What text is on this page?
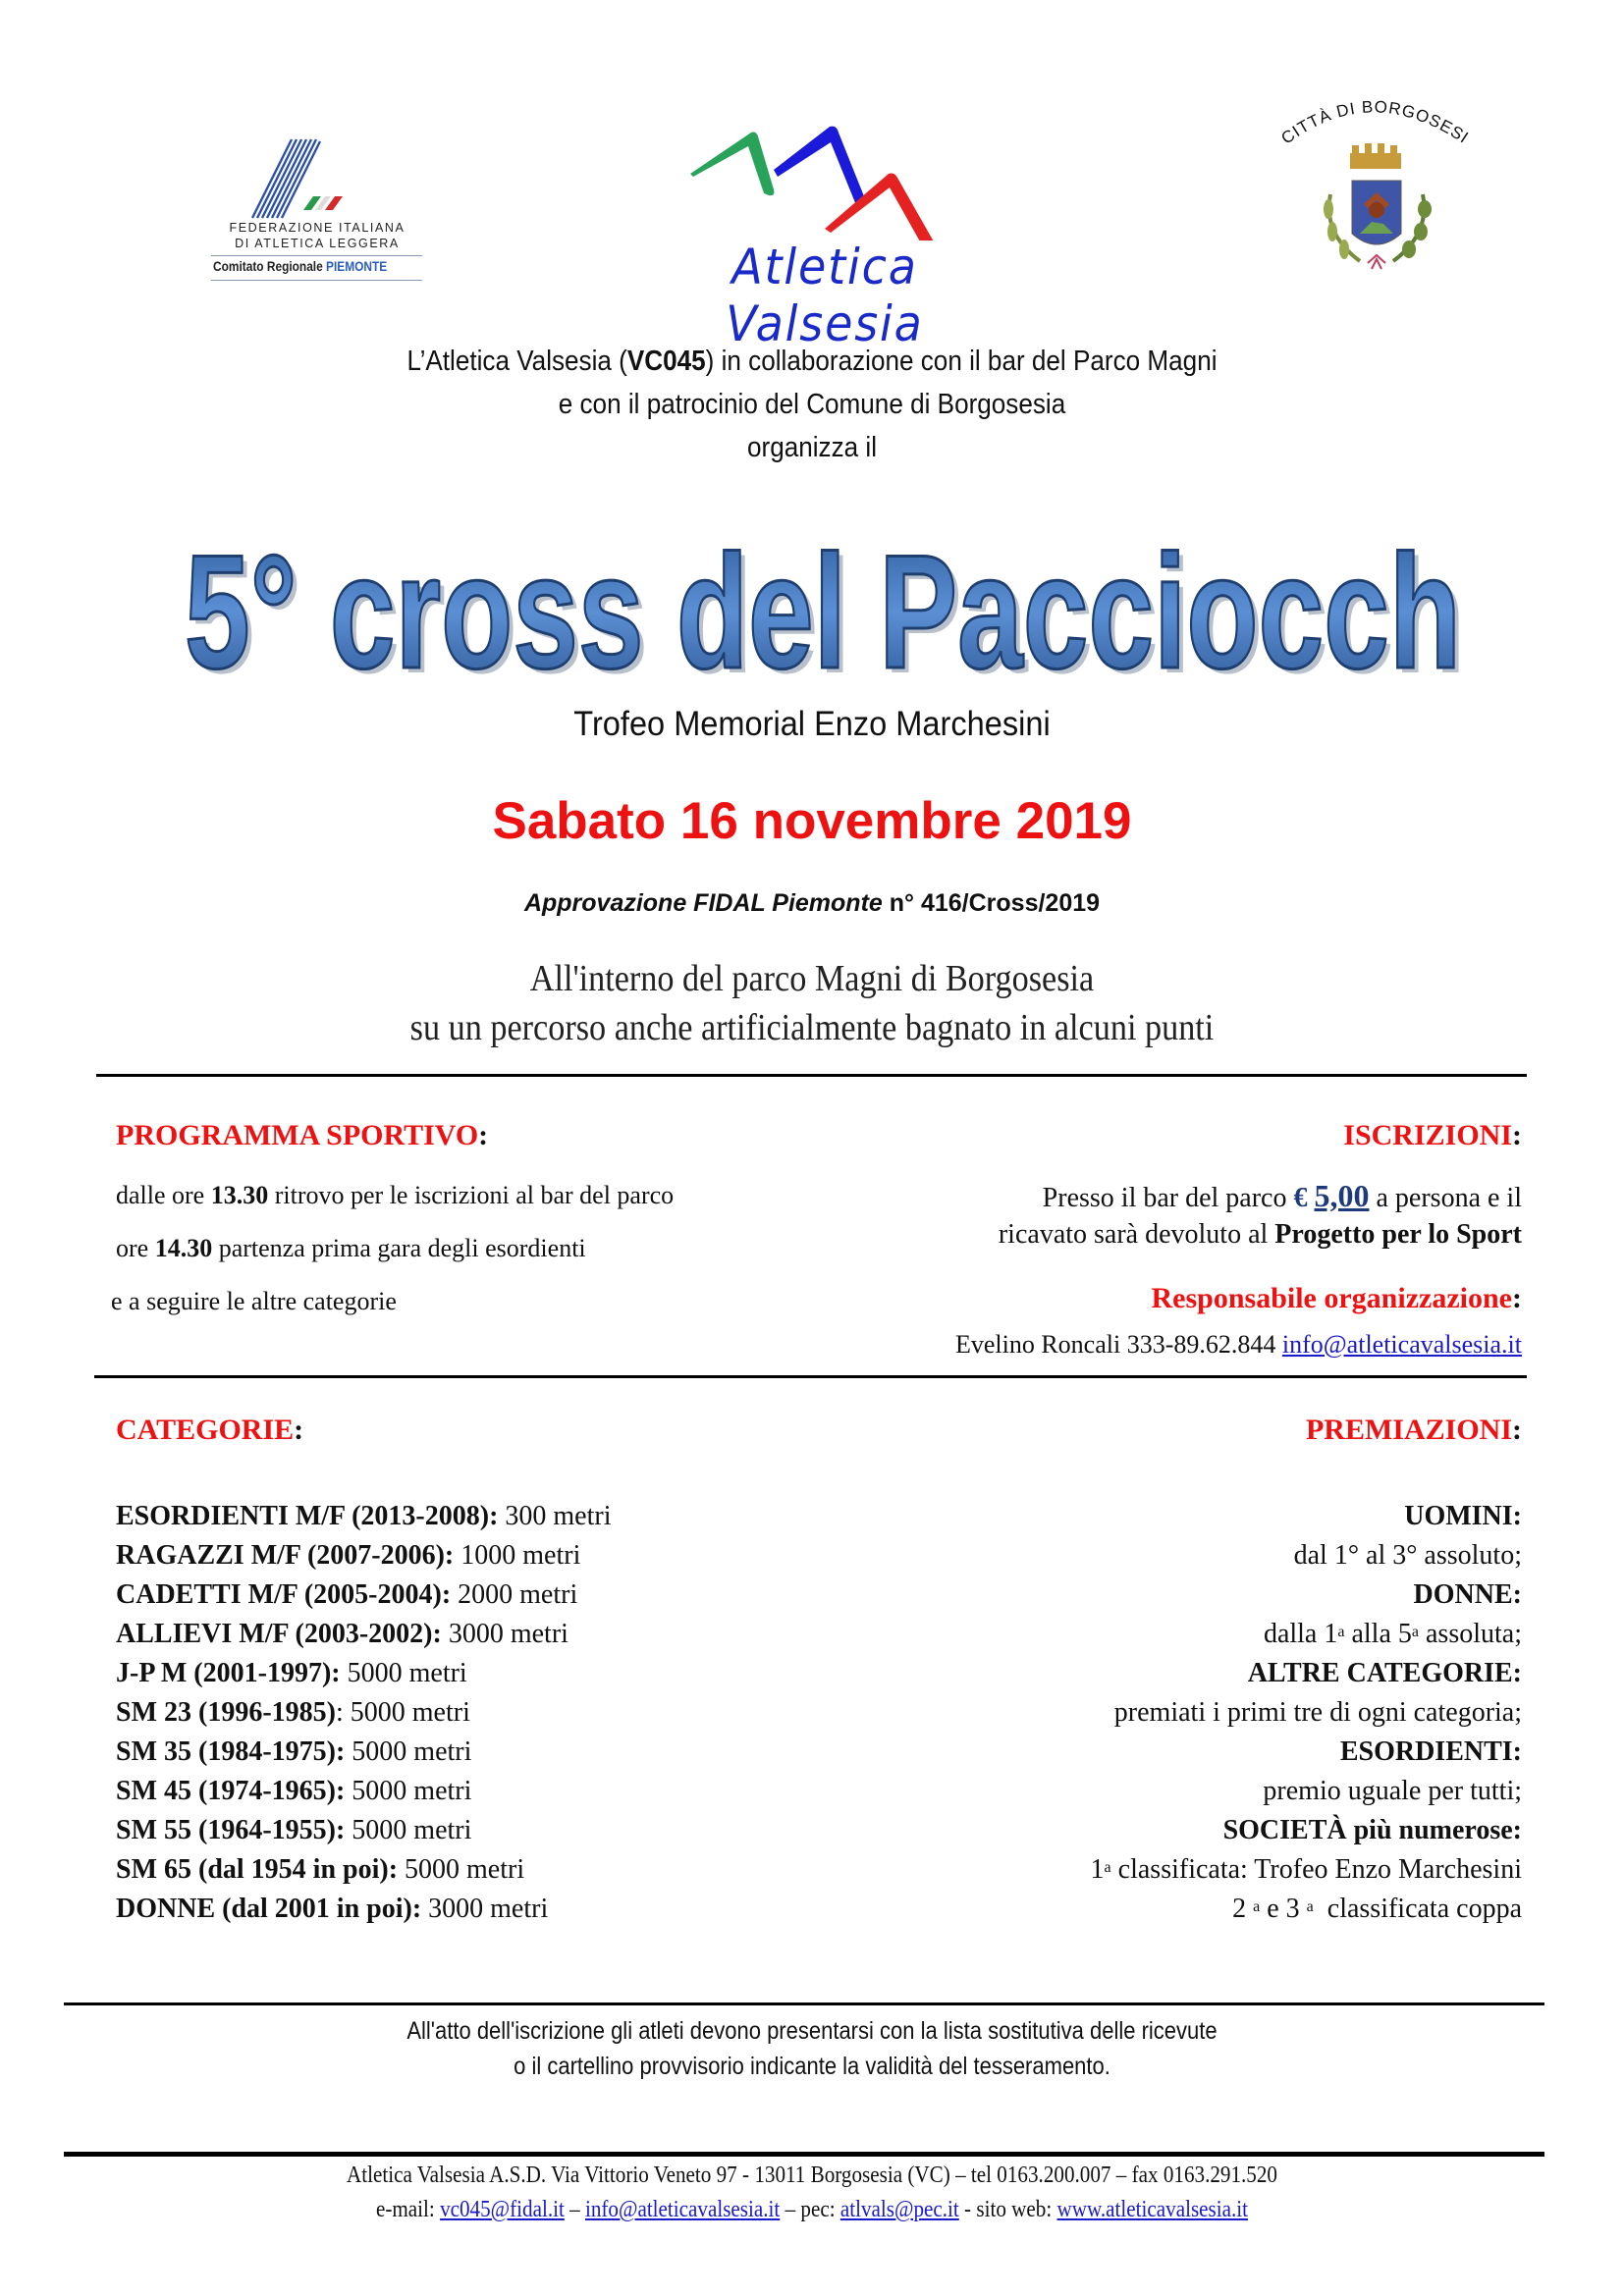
FEDERAZIONE ITALIANA
DI ATLETICA LEGGERA
Comitato Regionale PIEMONTE	Atletica Valsesia
CITTÀ DI BORGOSESI
L’Atletica Valsesia (VC045) in collaborazione con il bar del Parco Magni
e con il patrocinio del Comune di Borgosesia
organizza il
5° cross del Pacciocch
5° cross del Pacciocch
Trofeo Memorial Enzo Marchesini
Sabato 16 novembre 2019
Approvazione FIDAL Piemonte n° 416/Cross/2019
All'interno del parco Magni di Borgosesia
su un percorso anche artificialmente bagnato in alcuni punti
PROGRAMMA SPORTIVO:
dalle ore 13.30 ritrovo per le iscrizioni al bar del parco
ore 14.30 partenza prima gara degli esordienti
e a seguire le altre categorie
ISCRIZIONI:
Presso il bar del parco € 5,00 a persona e il
ricavato sarà devoluto al Progetto per lo Sport
Responsabile organizzazione:
Evelino Roncali 333-89.62.844 info@atleticavalsesia.it
CATEGORIE:
ESORDIENTI M/F (2013-2008): 300 metri
RAGAZZI M/F (2007-2006): 1000 metri
CADETTI M/F (2005-2004): 2000 metri
ALLIEVI M/F (2003-2002): 3000 metri
J-P M (2001-1997): 5000 metri
SM 23 (1996-1985): 5000 metri
SM 35 (1984-1975): 5000 metri
SM 45 (1974-1965): 5000 metri
SM 55 (1964-1955): 5000 metri
SM 65 (dal 1954 in poi): 5000 metri
DONNE (dal 2001 in poi): 3000 metri
PREMIAZIONI:
UOMINI:
dal 1° al 3° assoluto;
DONNE:
dalla 1$^a$ alla 5$^a$ assoluta;
ALTRE CATEGORIE:
premiati i primi tre di ogni categoria;
ESORDIENTI:
premio uguale per tutti;
SOCIETÀ più numerose:
1$^a$ classificata: Trofeo Enzo Marchesini
2 $^a$ e 3 $^a$  classificata coppa
All'atto dell'iscrizione gli atleti devono presentarsi con la lista sostitutiva delle ricevute
o il cartellino provvisorio indicante la validità del tesseramento.
Atletica Valsesia A.S.D. Via Vittorio Veneto 97 - 13011 Borgosesia (VC) – tel 0163.200.007 – fax 0163.291.520
e-mail: vc045@fidal.it – info@atleticavalsesia.it – pec: atlvals@pec.it - sito web: www.atleticavalsesia.it
